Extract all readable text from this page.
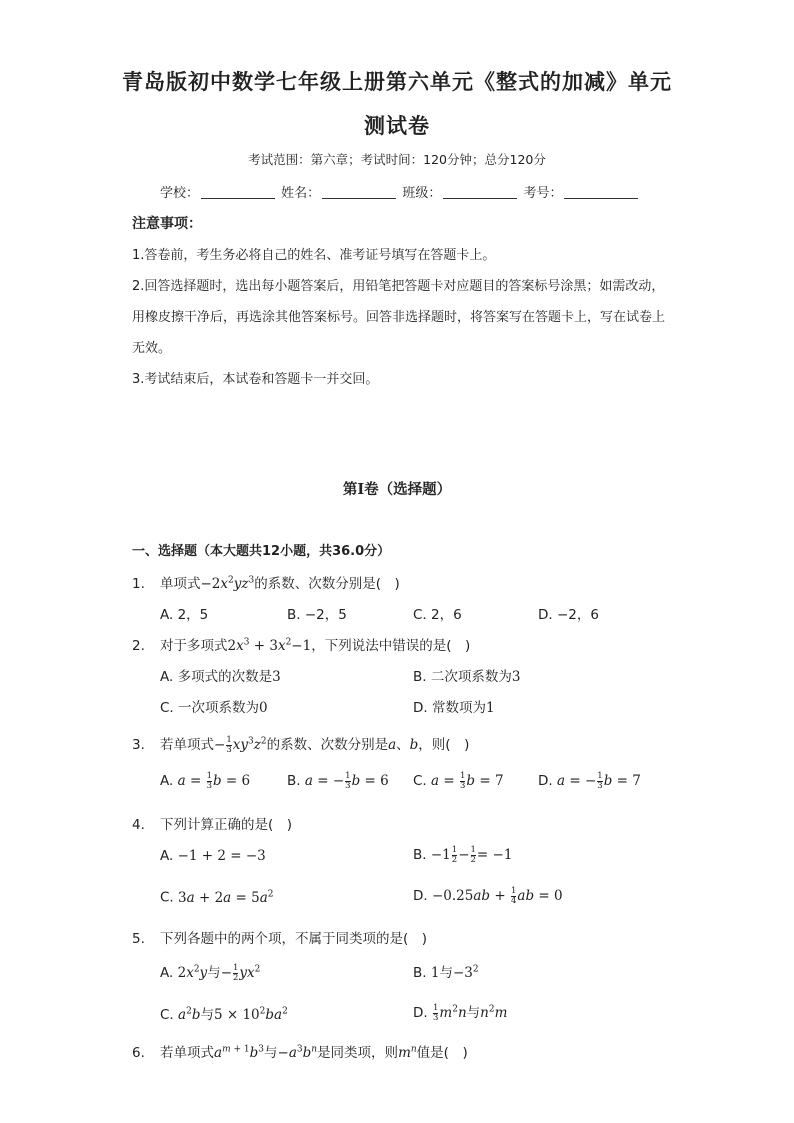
青岛版初中数学七年级上册第六单元《整式的加减》单元
测试卷
考试范围：第六章；考试时间：120分钟；总分120分
学校：	姓名：	班级：	考号：
注意事项：
1.答卷前，考生务必将自己的姓名、准考证号填写在答题卡上。
2.回答选择题时，选出每小题答案后，用铅笔把答题卡对应题目的答案标号涂黑；如需改动，用橡皮擦干净后，再选涂其他答案标号。回答非选择题时，将答案写在答题卡上，写在试卷上无效。
3.考试结束后，本试卷和答题卡一并交回。
第I卷（选择题）
一、选择题（本大题共12小题，共36.0分）
1. 单项式$-2x^2yz^3$的系数、次数分别是(　)
A. 2，5	B. −2，5	C. 2，6	D. −2，6
2. 对于多项式$2x^3 + 3x^2-1$，下列说法中错误的是(　)
A. 多项式的次数是3	B. 二次项系数为3
C. 一次项系数为0	D. 常数项为1
3. 若单项式− $\frac{1}{3} xy^3z^2$的系数、次数分别是a、b，则(　)
A. $a = \frac{1}{3}$ b = 6	B. a = − $\frac{1}{3}$ b = 6 C. $a = \frac{1}{3}$ b = 7	D. a = − $\frac{1}{3}$ b = 7
4. 下列计算正确的是(　)
A. −1 + 2 = −3	B. $-1 \frac{1}{2} - \frac{1}{2} = -1$
C. $3a + 2a = 5a^2$	D. $-0.25ab + \frac{1}{4}$ ab = 0
5. 下列各题中的两个项，不属于同类项的是(　)
A. $2x^2y$与− $\frac{1}{2} yx^2$	B. 1与$-3^2$
C. $a^2b$与$5 \times 10^2ba^2$	D. $\frac{1}{3} m^2n$与$n^2m$
6. 若单项式$a^{m + 1}b^3$与$-a^3b^n$是同类项，则$m^n$值是(　)
